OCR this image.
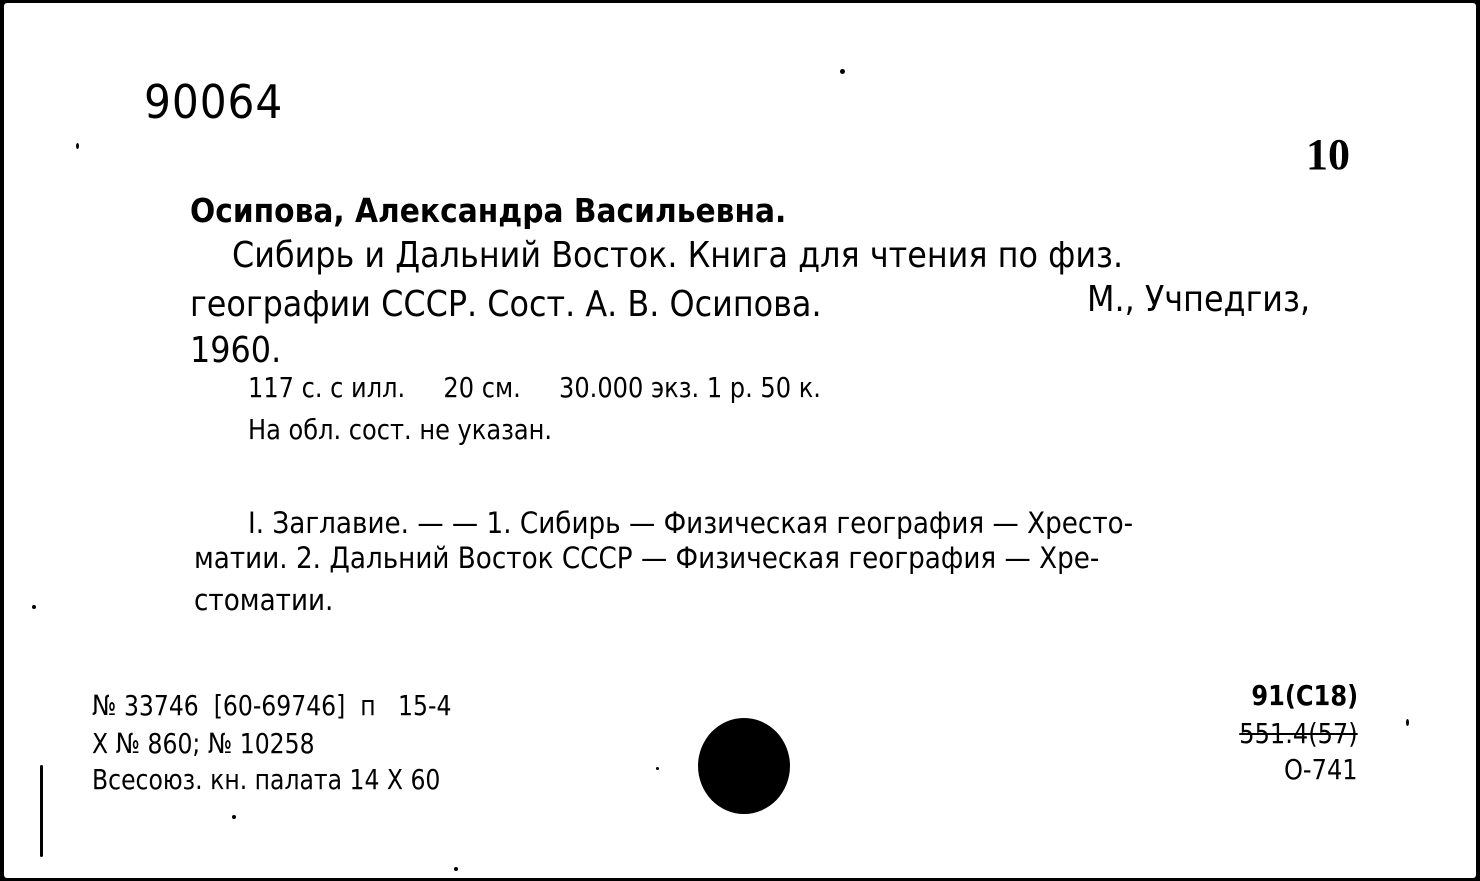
90064
10
Осипова, Александра Васильевна.
Сибирь и Дальний Восток. Книга для чтения по физ.
географии СССР. Сост. А. В. Осипова.	М., Учпедгиз,
1960.
117 с. с илл.     20 см.     30.000 экз. 1 р. 50 к.
На обл. сост. не указан.
I. Заглавие. — — 1. Сибирь — Физическая география — Хресто-
матии. 2. Дальний Восток СССР — Физическая география — Хре-
стоматии.
№ 33746  [60-69746]  п   15-4
Х № 860; № 10258
Всесоюз. кн. палата 14 Х 60
91(С18)
551.4(57)
О-741
